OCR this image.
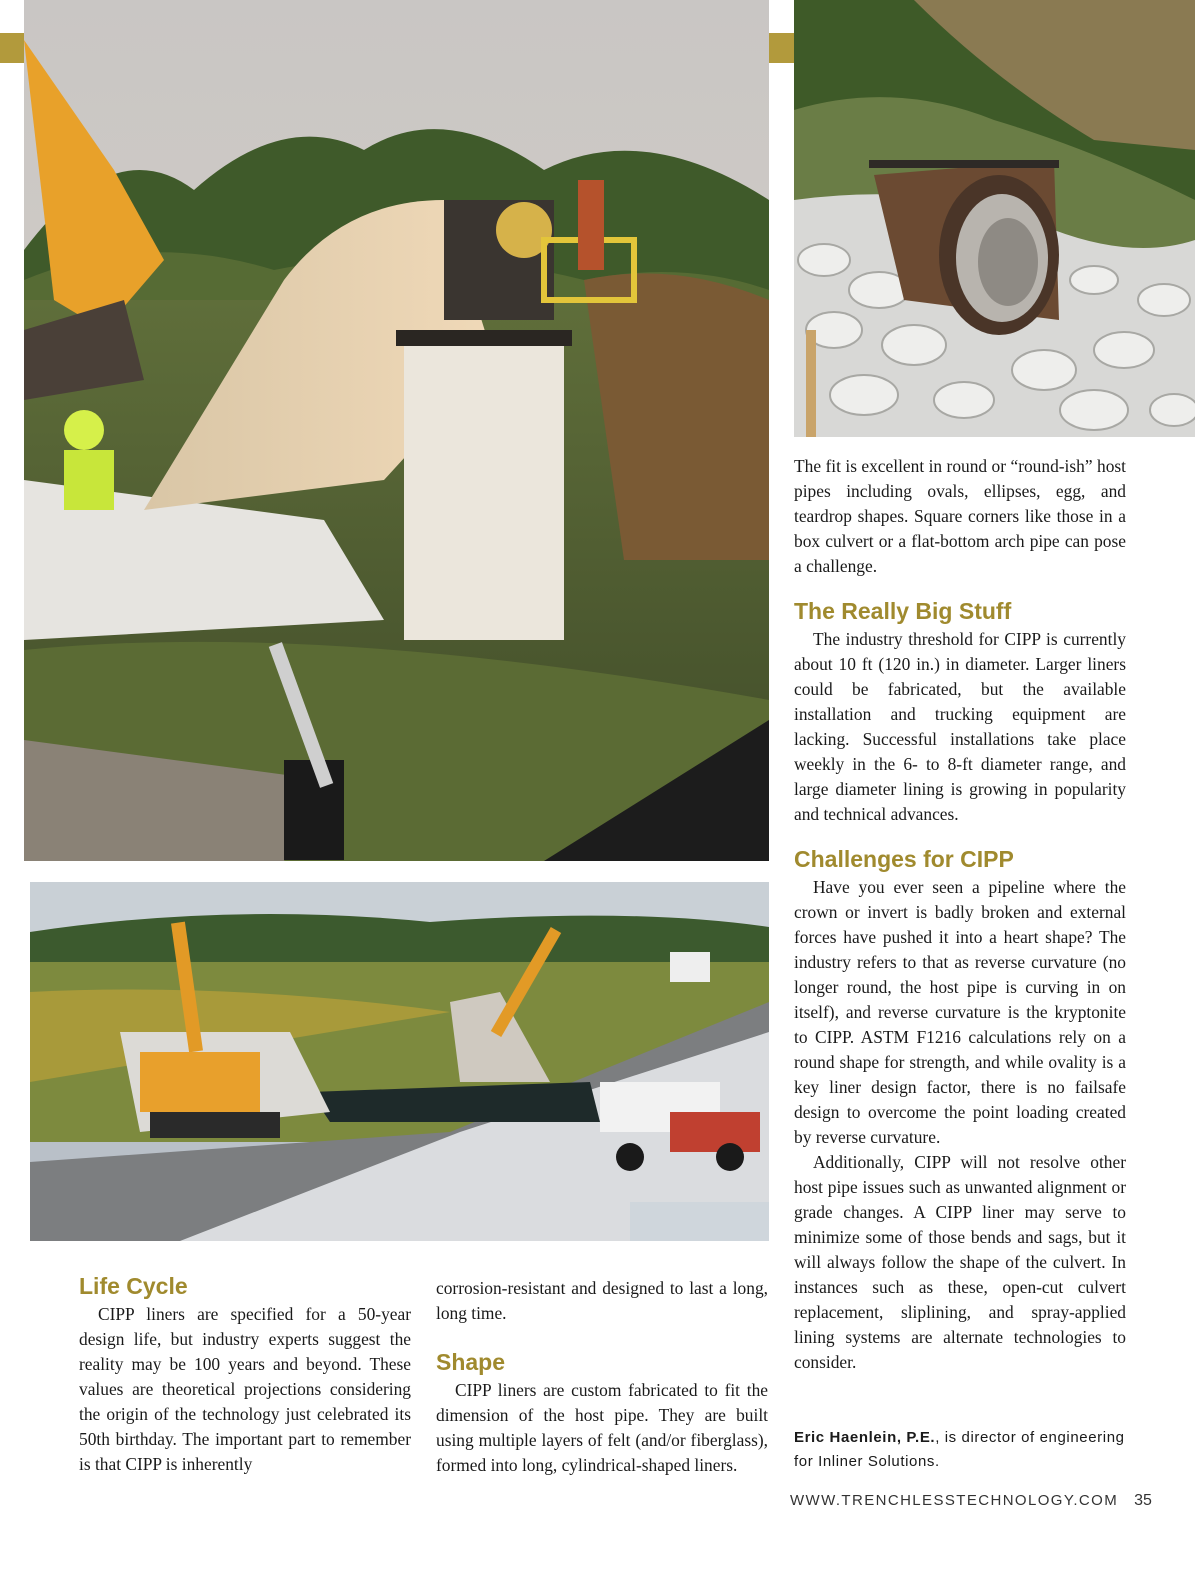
The fit is excellent in round or “round-ish” host pipes including ovals, ellipses, egg, and teardrop shapes. Square corners like those in a box culvert or a flat-bottom arch pipe can pose a challenge.

The Really Big Stuff

The industry threshold for CIPP is currently about 10 ft (120 in.) in diameter. Larger liners could be fabricated, but the available installation and trucking equipment are lacking. Successful installations take place weekly in the 6- to 8-ft diameter range, and large diameter lining is growing in popularity and technical advances.

Challenges for CIPP

Have you ever seen a pipeline where the crown or invert is badly broken and external forces have pushed it into a heart shape? The industry refers to that as reverse curvature (no longer round, the host pipe is curving in on itself), and reverse curvature is the kryptonite to CIPP. ASTM F1216 calculations rely on a round shape for strength, and while ovality is a key liner design factor, there is no failsafe design to overcome the point loading created by reverse curvature.

Additionally, CIPP will not resolve other host pipe issues such as unwanted alignment or grade changes. A CIPP liner may serve to minimize some of those bends and sags, but it will always follow the shape of the culvert. In instances such as these, open-cut culvert replacement, sliplining, and spray-applied lining systems are alternate technologies to consider.

Life Cycle

CIPP liners are specified for a 50-year design life, but industry experts suggest the reality may be 100 years and beyond. These values are theoretical projections considering the origin of the technology just celebrated its 50th birthday. The important part to remember is that CIPP is inherently

corrosion-resistant and designed to last a long, long time.
Shape

CIPP liners are custom fabricated to fit the dimension of the host pipe. They are built using multiple layers of felt (and/or fiberglass), formed into long, cylindrical-shaped liners.

Eric Haenlein, P.E., is director of engineering for Inliner Solutions.
WWW.TRENCHLESSTECHNOLOGY.COM 35
